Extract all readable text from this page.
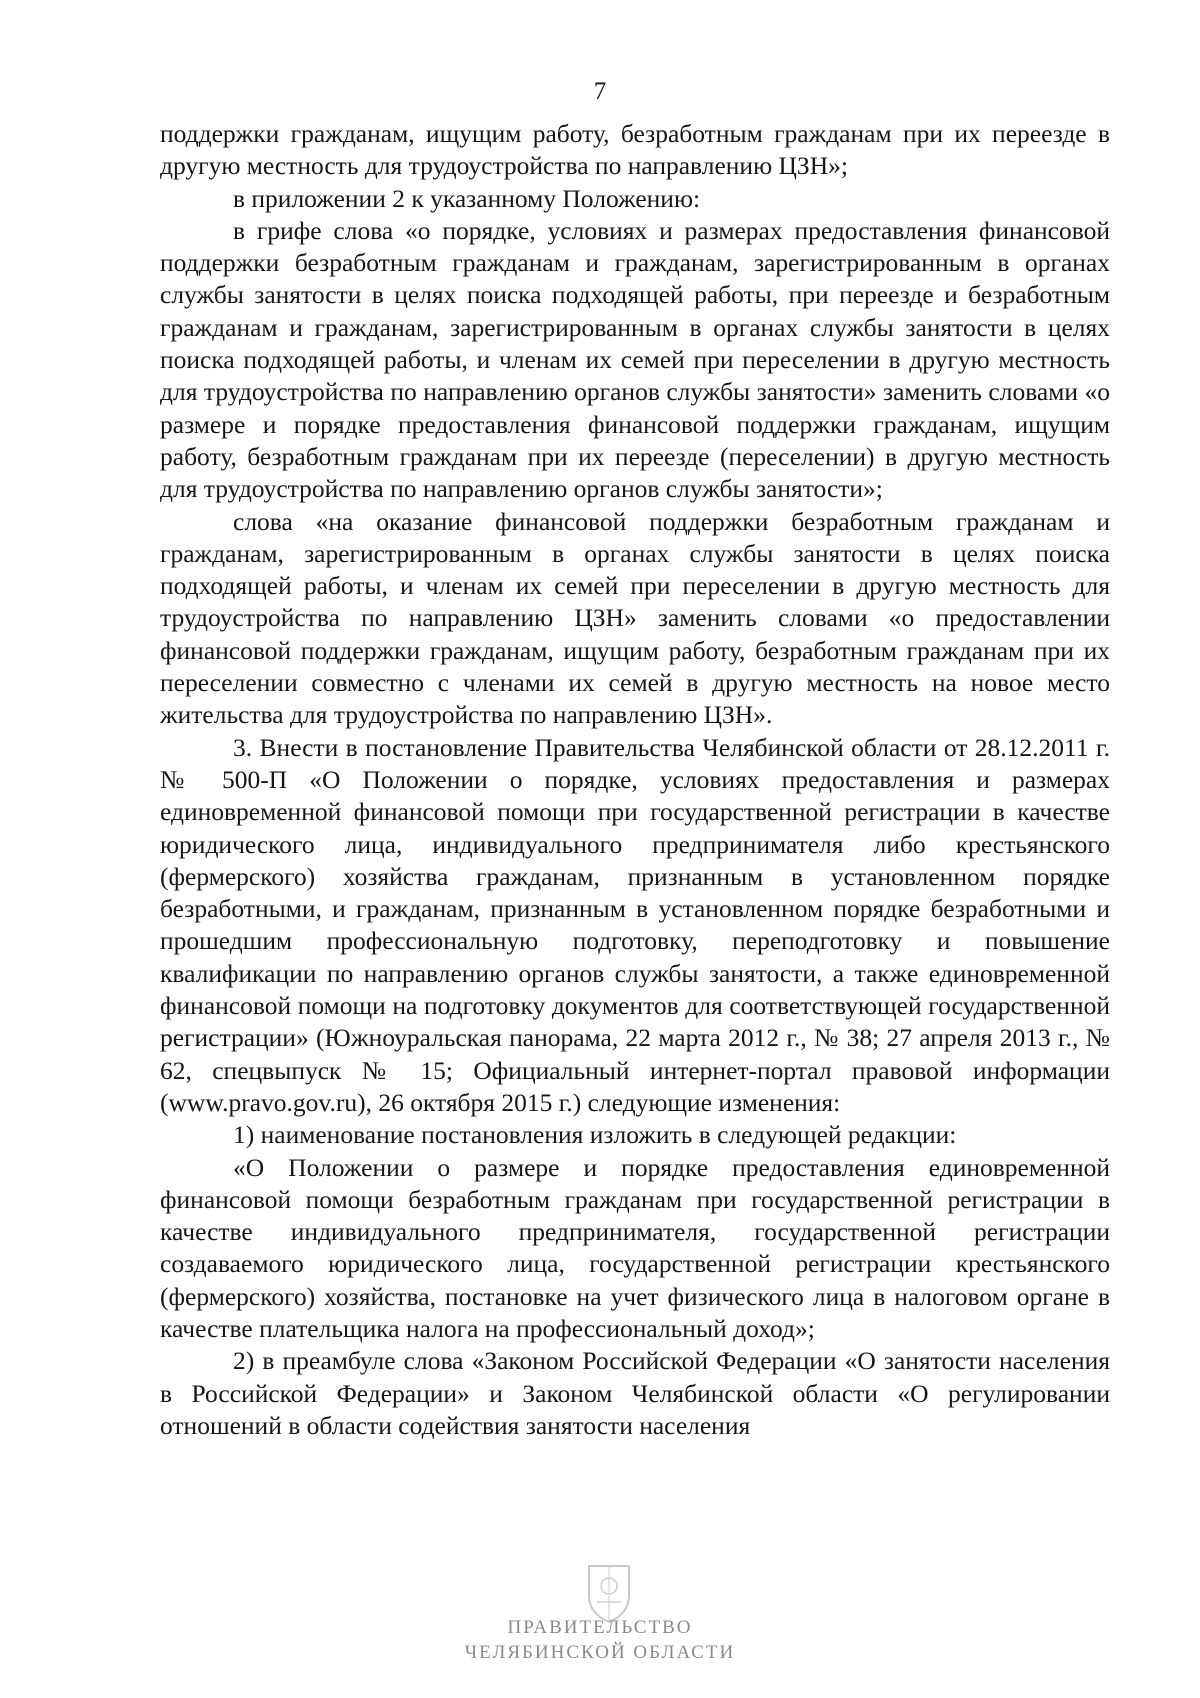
7

поддержки гражданам, ищущим работу, безработным гражданам при их переезде в другую местность для трудоустройства по направлению ЦЗН»;

в приложении 2 к указанному Положению:

в грифе слова «о порядке, условиях и размерах предоставления финансовой поддержки безработным гражданам и гражданам, зарегистрированным в органах службы занятости в целях поиска подходящей работы, при переезде и безработным гражданам и гражданам, зарегистрированным в органах службы занятости в целях поиска подходящей работы, и членам их семей при переселении в другую местность для трудоустройства по направлению органов службы занятости» заменить словами «о размере и порядке предоставления финансовой поддержки гражданам, ищущим работу, безработным гражданам при их переезде (переселении) в другую местность для трудоустройства по направлению органов службы занятости»;

слова «на оказание финансовой поддержки безработным гражданам и гражданам, зарегистрированным в органах службы занятости в целях поиска подходящей работы, и членам их семей при переселении в другую местность для трудоустройства по направлению ЦЗН» заменить словами «о предоставлении финансовой поддержки гражданам, ищущим работу, безработным гражданам при их переселении совместно с членами их семей в другую местность на новое место жительства для трудоустройства по направлению ЦЗН».

3. Внести в постановление Правительства Челябинской области от 28.12.2011 г. № 500-П «О Положении о порядке, условиях предоставления и размерах единовременной финансовой помощи при государственной регистрации в качестве юридического лица, индивидуального предпринимателя либо крестьянского (фермерского) хозяйства гражданам, признанным в установленном порядке безработными, и гражданам, признанным в установленном порядке безработными и прошедшим профессиональную подготовку, переподготовку и повышение квалификации по направлению органов службы занятости, а также единовременной финансовой помощи на подготовку документов для соответствующей государственной регистрации» (Южноуральская панорама, 22 марта 2012 г., № 38; 27 апреля 2013 г., № 62, спецвыпуск № 15; Официальный интернет-портал правовой информации (www.pravo.gov.ru), 26 октября 2015 г.) следующие изменения:

1) наименование постановления изложить в следующей редакции:

«О Положении о размере и порядке предоставления единовременной финансовой помощи безработным гражданам при государственной регистрации в качестве индивидуального предпринимателя, государственной регистрации создаваемого юридического лица, государственной регистрации крестьянского (фермерского) хозяйства, постановке на учет физического лица в налоговом органе в качестве плательщика налога на профессиональный доход»;

2) в преамбуле слова «Законом Российской Федерации «О занятости населения в Российской Федерации» и Законом Челябинской области «О регулировании отношений в области содействия занятости населения

ПРАВИТЕЛЬСТВО
ЧЕЛЯБИНСКОЙ ОБЛАСТИ
